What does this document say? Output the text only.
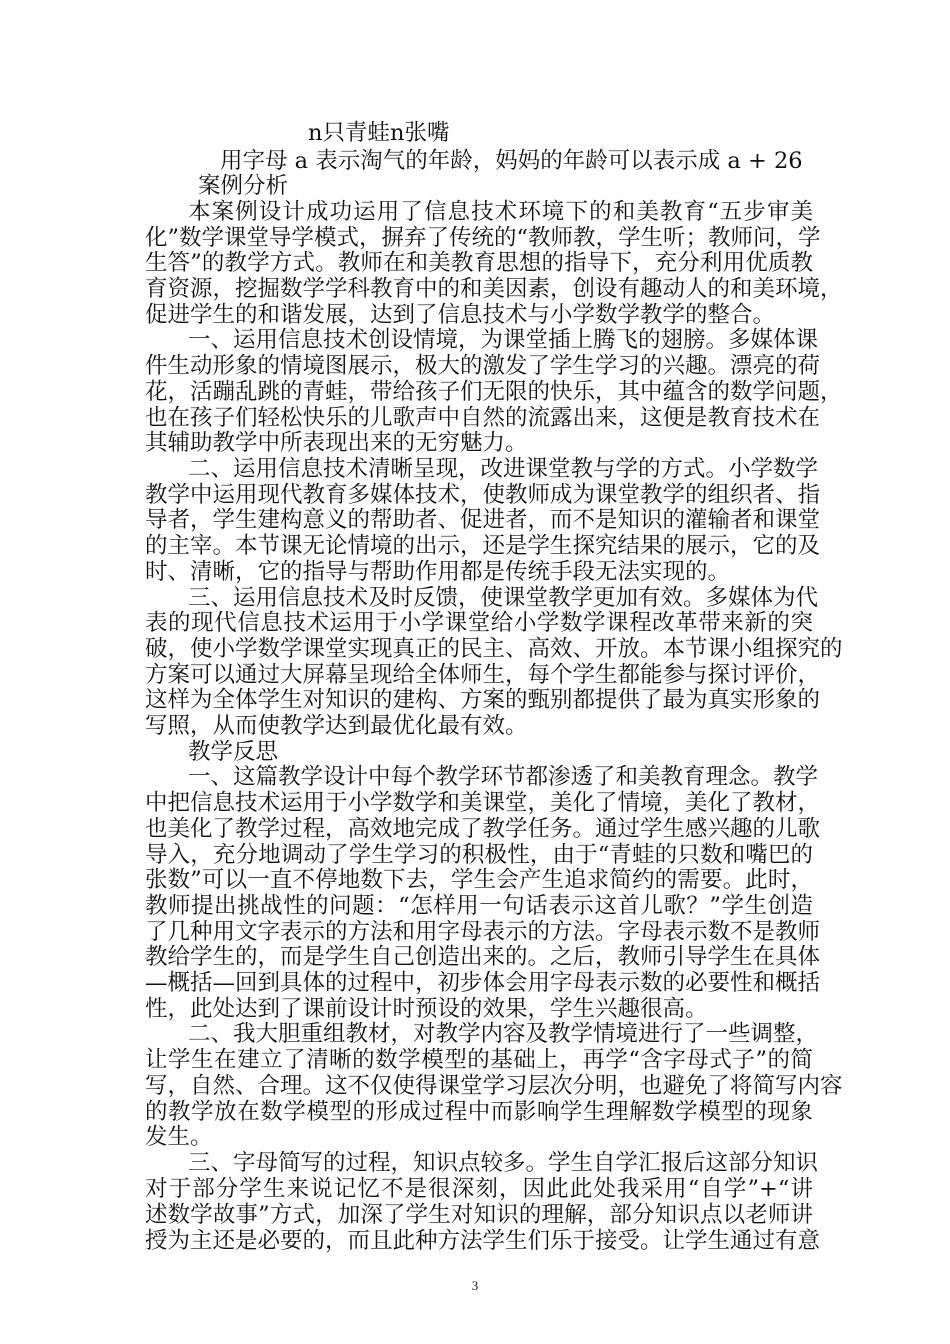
n只青蛙n张嘴
用字母 a 表示淘气的年龄，妈妈的年龄可以表示成 a + 26
案例分析
本案例设计成功运用了信息技术环境下的和美教育“五步审美
化”数学课堂导学模式，摒弃了传统的“教师教，学生听；教师问，学
生答”的教学方式。教师在和美教育思想的指导下，充分利用优质教
育资源，挖掘数学学科教育中的和美因素，创设有趣动人的和美环境，
促进学生的和谐发展，达到了信息技术与小学数学教学的整合。
一、运用信息技术创设情境，为课堂插上腾飞的翅膀。多媒体课
件生动形象的情境图展示，极大的激发了学生学习的兴趣。漂亮的荷
花，活蹦乱跳的青蛙，带给孩子们无限的快乐，其中蕴含的数学问题，
也在孩子们轻松快乐的儿歌声中自然的流露出来，这便是教育技术在
其辅助教学中所表现出来的无穷魅力。
二、运用信息技术清晰呈现，改进课堂教与学的方式。小学数学
教学中运用现代教育多媒体技术，使教师成为课堂教学的组织者、指
导者，学生建构意义的帮助者、促进者，而不是知识的灌输者和课堂
的主宰。本节课无论情境的出示，还是学生探究结果的展示，它的及
时、清晰，它的指导与帮助作用都是传统手段无法实现的。
三、运用信息技术及时反馈，使课堂教学更加有效。多媒体为代
表的现代信息技术运用于小学课堂给小学数学课程改革带来新的突
破，使小学数学课堂实现真正的民主、高效、开放。本节课小组探究的
方案可以通过大屏幕呈现给全体师生，每个学生都能参与探讨评价，
这样为全体学生对知识的建构、方案的甄别都提供了最为真实形象的
写照，从而使教学达到最优化最有效。
教学反思
一、这篇教学设计中每个教学环节都渗透了和美教育理念。教学
中把信息技术运用于小学数学和美课堂，美化了情境，美化了教材，
也美化了教学过程，高效地完成了教学任务。通过学生感兴趣的儿歌
导入，充分地调动了学生学习的积极性，由于“青蛙的只数和嘴巴的
张数”可以一直不停地数下去，学生会产生追求简约的需要。此时，
教师提出挑战性的问题：“怎样用一句话表示这首儿歌？”学生创造
了几种用文字表示的方法和用字母表示的方法。字母表示数不是教师
教给学生的，而是学生自己创造出来的。之后，教师引导学生在具体
—概括—回到具体的过程中，初步体会用字母表示数的必要性和概括
性，此处达到了课前设计时预设的效果，学生兴趣很高。
二、我大胆重组教材，对教学内容及教学情境进行了一些调整，
让学生在建立了清晰的数学模型的基础上，再学“含字母式子”的简
写，自然、合理。这不仅使得课堂学习层次分明，也避免了将简写内容
的教学放在数学模型的形成过程中而影响学生理解数学模型的现象
发生。
三、字母简写的过程，知识点较多。学生自学汇报后这部分知识
3
对于部分学生来说记忆不是很深刻，因此此处我采用“自学”+“讲
述数学故事”方式，加深了学生对知识的理解，部分知识点以老师讲
授为主还是必要的，而且此种方法学生们乐于接受。让学生通过有意
